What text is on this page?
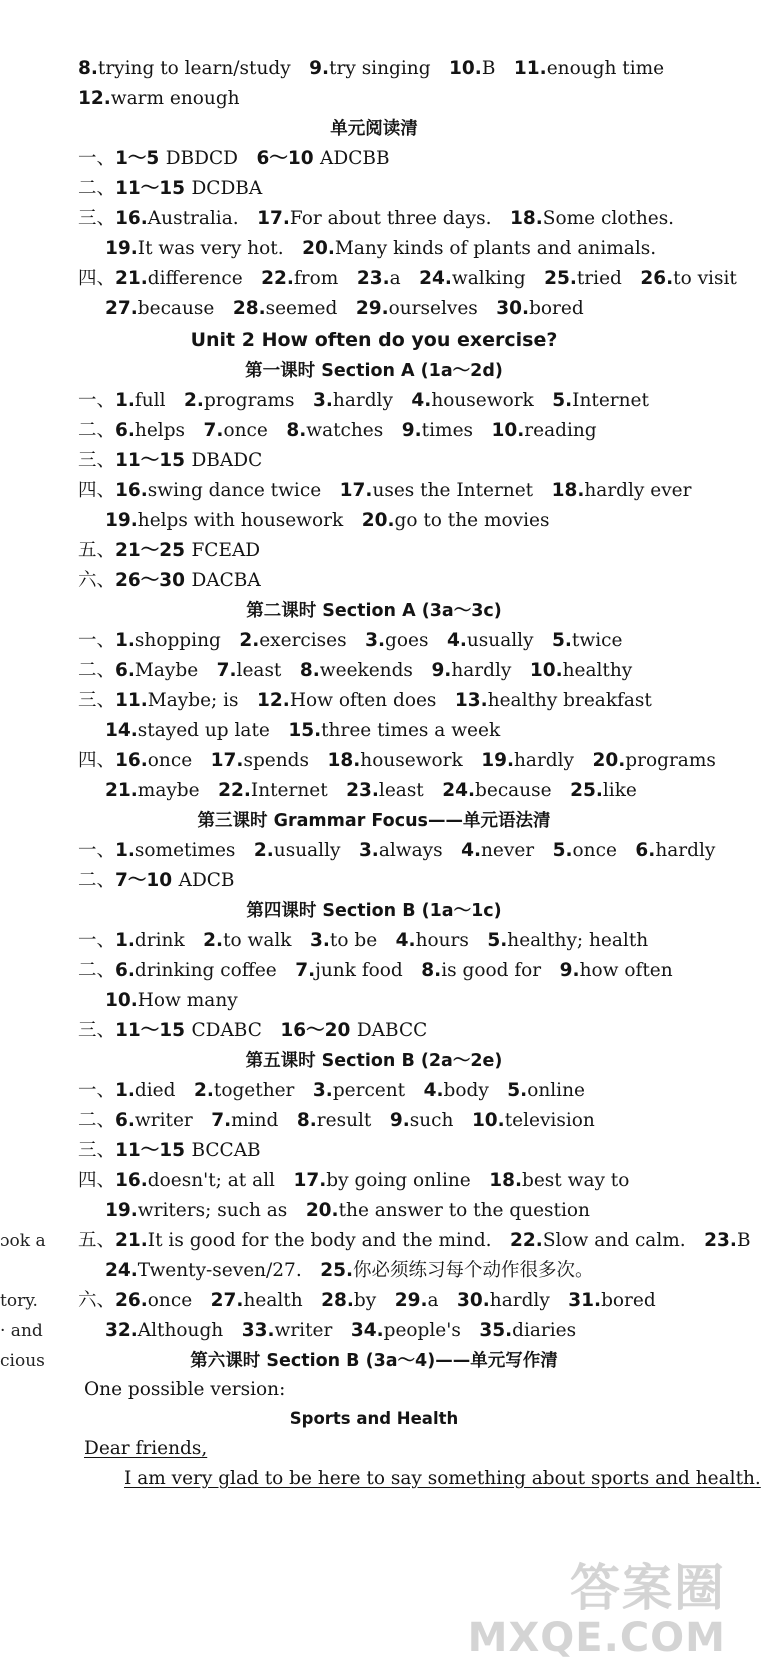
单元阅读清
Unit 2 How often do you exercise?
第一课时 Section A (1a～2d)
第二课时 Section A (3a～3c)
第三课时 Grammar Focus——单元语法清
第四课时 Section B (1a～1c)
第五课时 Section B (2a～2e)
第六课时 Section B (3a～4)——单元写作清
Sports and Health
8.trying to learn/study  9.try singing  10.B  11.enough time
12.warm enough
一、1～5 DBDCD  6～10 ADCBB
二、11～15 DCDBA
三、16.Australia.  17.For about three days.  18.Some clothes.
19.It was very hot.  20.Many kinds of plants and animals.
四、21.difference  22.from  23.a  24.walking  25.tried  26.to visit
27.because  28.seemed  29.ourselves  30.bored
一、1.full  2.programs  3.hardly  4.housework  5.Internet
二、6.helps  7.once  8.watches  9.times  10.reading
三、11～15 DBADC
四、16.swing dance twice  17.uses the Internet  18.hardly ever
19.helps with housework  20.go to the movies
五、21～25 FCEAD
六、26～30 DACBA
一、1.shopping  2.exercises  3.goes  4.usually  5.twice
二、6.Maybe  7.least  8.weekends  9.hardly  10.healthy
三、11.Maybe; is  12.How often does  13.healthy breakfast
14.stayed up late  15.three times a week
四、16.once  17.spends  18.housework  19.hardly  20.programs
21.maybe  22.Internet  23.least  24.because  25.like
一、1.sometimes  2.usually  3.always  4.never  5.once  6.hardly
二、7～10 ADCB
一、1.drink  2.to walk  3.to be  4.hours  5.healthy; health
二、6.drinking coffee  7.junk food  8.is good for  9.how often
10.How many
三、11～15 CDABC  16～20 DABCC
一、1.died  2.together  3.percent  4.body  5.online
二、6.writer  7.mind  8.result  9.such  10.television
三、11～15 BCCAB
四、16.doesn't; at all  17.by going online  18.best way to
19.writers; such as  20.the answer to the question
五、21.It is good for the body and the mind.  22.Slow and calm.  23.B
24.Twenty-seven/27.  25.你必须练习每个动作很多次。
六、26.once  27.health  28.by  29.a  30.hardly  31.bored
32.Although  33.writer  34.people's  35.diaries
ɔok a
tory.
· and
cious
One possible version:
Dear friends,
I am very glad to be here to say something about sports and health.
答案圈
MXQE.COM
